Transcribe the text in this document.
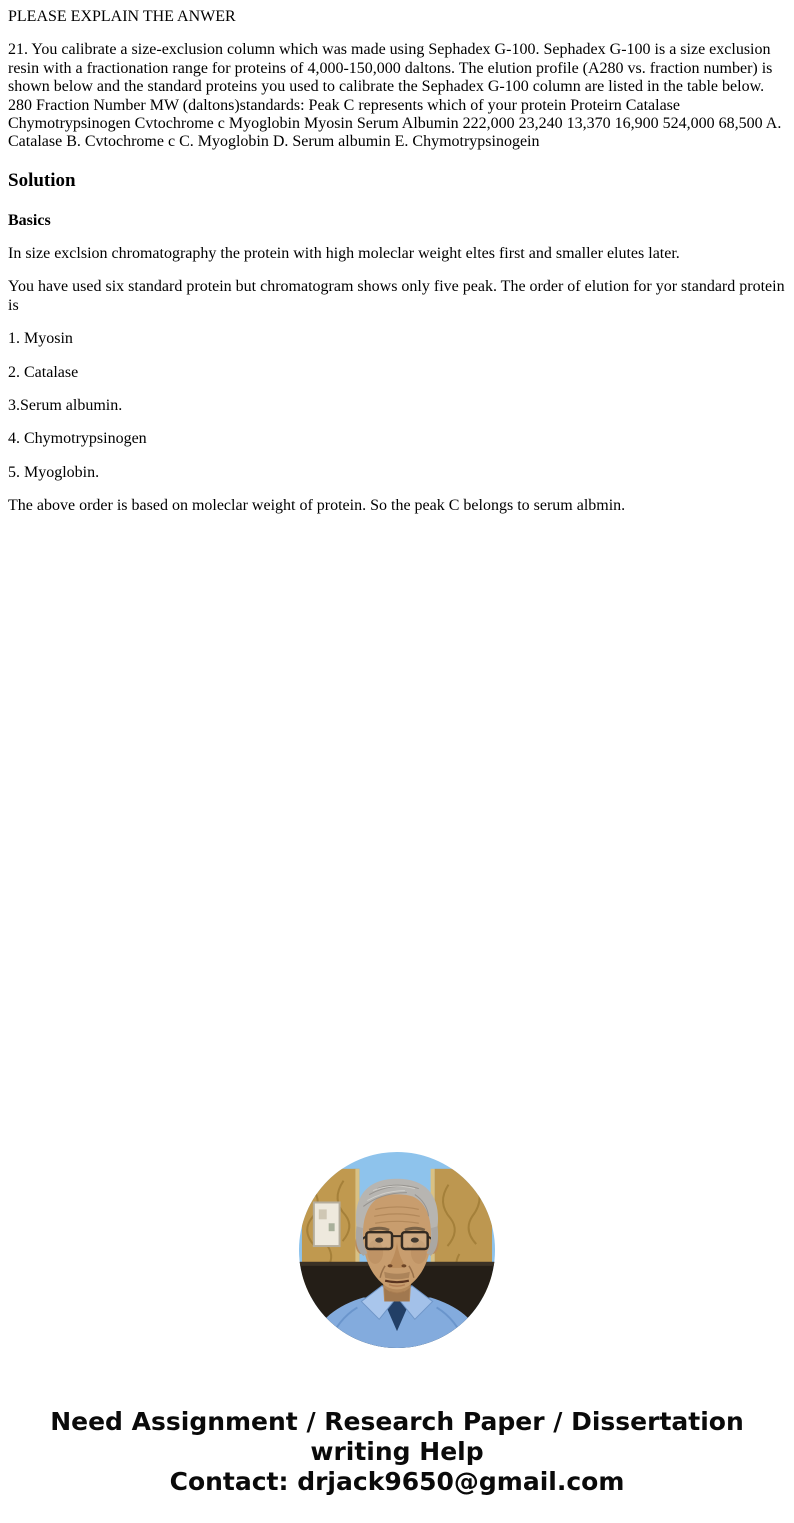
PLEASE EXPLAIN THE ANWER

21. You calibrate a size-exclusion column which was made using Sephadex G-100. Sephadex G-100 is a size exclusion resin with a fractionation range for proteins of 4,000-150,000 daltons. The elution profile (A280 vs. fraction number) is shown below and the standard proteins you used to calibrate the Sephadex G-100 column are listed in the table below. 280 Fraction Number MW (daltons)standards: Peak C represents which of your protein Proteirn Catalase Chymotrypsinogen Cvtochrome c Myoglobin Myosin Serum Albumin 222,000 23,240 13,370 16,900 524,000 68,500 A. Catalase B. Cvtochrome c C. Myoglobin D. Serum albumin E. Chymotrypsinogein

Solution
Basics

In size exclsion chromatography the protein with high moleclar weight eltes first and smaller elutes later.

You have used six standard protein but chromatogram shows only five peak. The order of elution for yor standard protein is

1. Myosin

2. Catalase

3.Serum albumin.

4. Chymotrypsinogen

5. Myoglobin.

The above order is based on moleclar weight of protein. So the peak C belongs to serum albmin.

Need Assignment / Research Paper / Dissertation
writing Help
Contact: drjack9650@gmail.com
